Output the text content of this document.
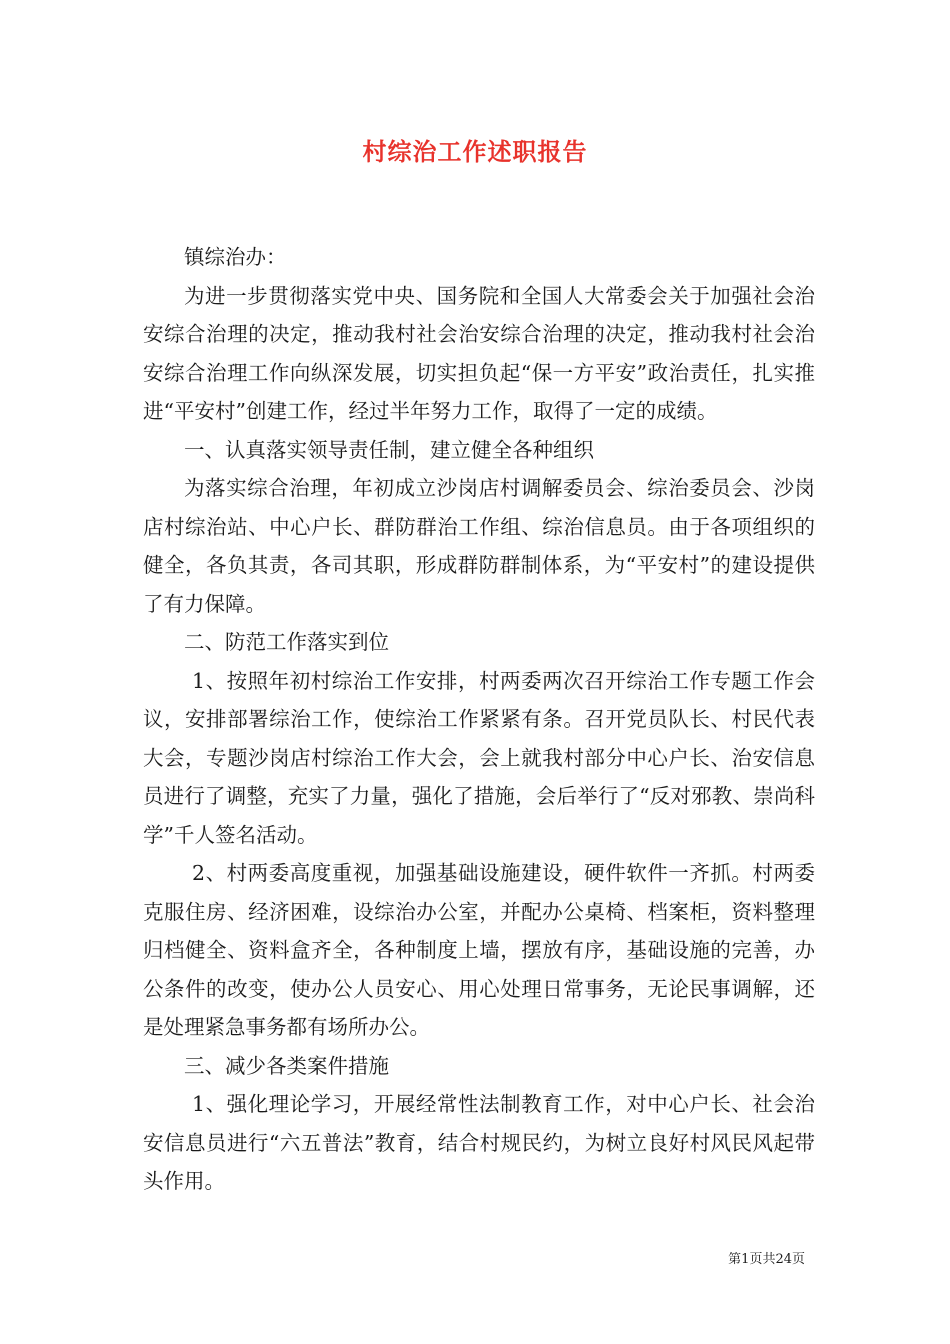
村综治工作述职报告

镇综治办：

为进一步贯彻落实党中央、国务院和全国人大常委会关于加强社会治安综合治理的决定，推动我村社会治安综合治理的决定，推动我村社会治安综合治理工作向纵深发展，切实担负起“保一方平安”政治责任，扎实推进“平安村”创建工作，经过半年努力工作，取得了一定的成绩。

一、认真落实领导责任制，建立健全各种组织

为落实综合治理，年初成立沙岗店村调解委员会、综治委员会、沙岗店村综治站、中心户长、群防群治工作组、综治信息员。由于各项组织的健全，各负其责，各司其职，形成群防群制体系，为“平安村”的建设提供了有力保障。

二、防范工作落实到位

1、按照年初村综治工作安排，村两委两次召开综治工作专题工作会议，安排部署综治工作，使综治工作紧紧有条。召开党员队长、村民代表大会，专题沙岗店村综治工作大会，会上就我村部分中心户长、治安信息员进行了调整，充实了力量，强化了措施，会后举行了“反对邪教、崇尚科学”千人签名活动。

2、村两委高度重视，加强基础设施建设，硬件软件一齐抓。村两委克服住房、经济困难，设综治办公室，并配办公桌椅、档案柜，资料整理归档健全、资料盒齐全，各种制度上墙，摆放有序，基础设施的完善，办公条件的改变，使办公人员安心、用心处理日常事务，无论民事调解，还是处理紧急事务都有场所办公。

三、减少各类案件措施

1、强化理论学习，开展经常性法制教育工作，对中心户长、社会治安信息员进行“六五普法”教育，结合村规民约，为树立良好村风民风起带头作用。

第1页共24页
